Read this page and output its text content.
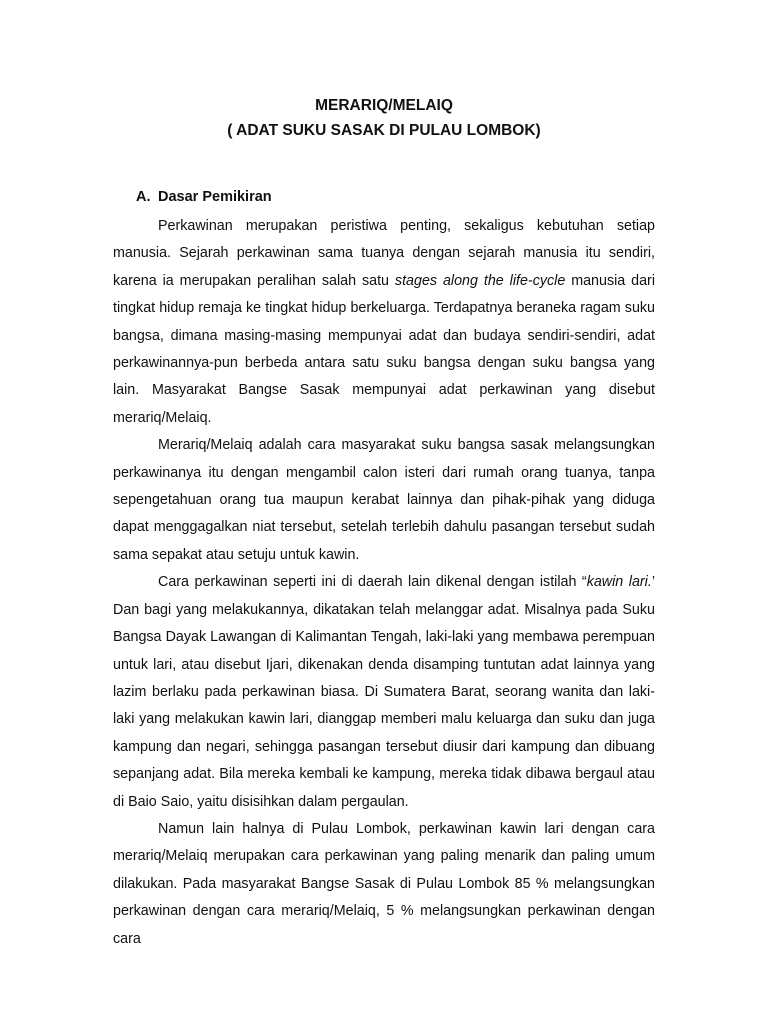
MERARIQ/MELAIQ
( ADAT SUKU SASAK DI PULAU LOMBOK)
A. Dasar Pemikiran

Perkawinan merupakan peristiwa penting, sekaligus kebutuhan setiap manusia. Sejarah perkawinan sama tuanya dengan sejarah manusia itu sendiri, karena ia merupakan peralihan salah satu stages along the life-cycle manusia dari tingkat hidup remaja ke tingkat hidup berkeluarga. Terdapatnya beraneka ragam suku bangsa, dimana masing-masing mempunyai adat dan budaya sendiri-sendiri, adat perkawinannya-pun berbeda antara satu suku bangsa dengan suku bangsa yang lain. Masyarakat Bangse Sasak mempunyai adat perkawinan yang disebut merariq/Melaiq.

Merariq/Melaiq adalah cara masyarakat suku bangsa sasak melangsungkan perkawinanya itu dengan mengambil calon isteri dari rumah orang tuanya, tanpa sepengetahuan orang tua maupun kerabat lainnya dan pihak-pihak yang diduga dapat menggagalkan niat tersebut, setelah terlebih dahulu pasangan tersebut sudah sama sepakat atau setuju untuk kawin.

Cara perkawinan seperti ini di daerah lain dikenal dengan istilah “kawin lari.’ Dan bagi yang melakukannya, dikatakan telah melanggar adat. Misalnya pada Suku Bangsa Dayak Lawangan di Kalimantan Tengah, laki-laki yang membawa perempuan untuk lari, atau disebut Ijari, dikenakan denda disamping tuntutan adat lainnya yang lazim berlaku pada perkawinan biasa. Di Sumatera Barat, seorang wanita dan laki-laki yang melakukan kawin lari, dianggap memberi malu keluarga dan suku dan juga kampung dan negari, sehingga pasangan tersebut diusir dari kampung dan dibuang sepanjang adat. Bila mereka kembali ke kampung, mereka tidak dibawa bergaul atau di Baio Saio, yaitu disisihkan dalam pergaulan.

Namun lain halnya di Pulau Lombok, perkawinan kawin lari dengan cara merariq/Melaiq merupakan cara perkawinan yang paling menarik dan paling umum dilakukan. Pada masyarakat Bangse Sasak di Pulau Lombok 85 % melangsungkan perkawinan dengan cara merariq/Melaiq, 5 % melangsungkan perkawinan dengan cara
